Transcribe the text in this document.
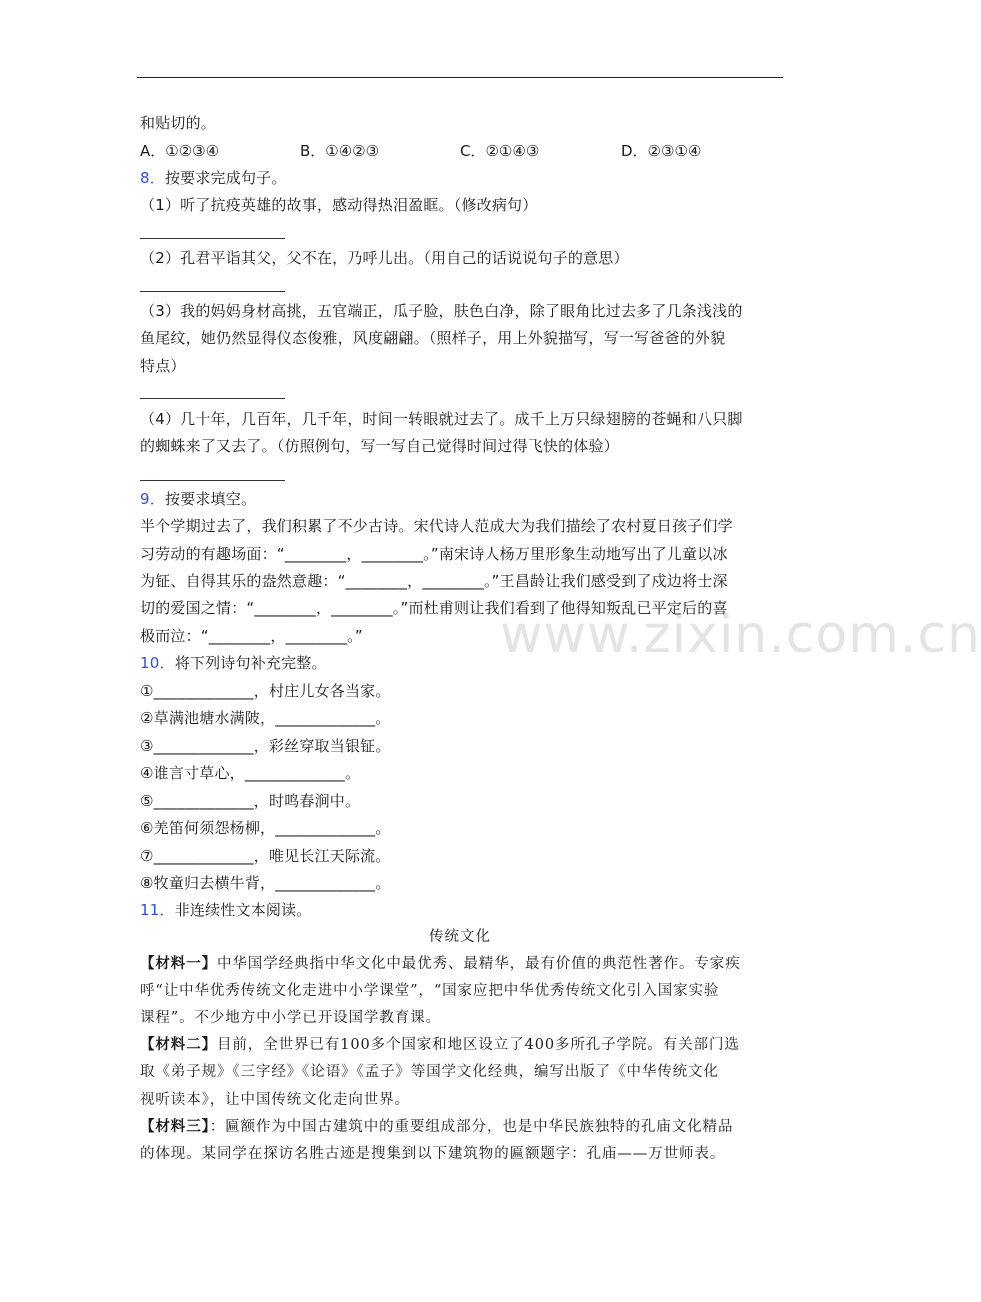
和贴切的。
A．①②③④	B．①④②③	C．②①④③	D．②③①④
8．按要求完成句子。
（1）听了抗疫英雄的故事，感动得热泪盈眶。（修改病句）
（2）孔君平诣其父，父不在，乃呼儿出。（用自己的话说说句子的意思）
（3）我的妈妈身材高挑，五官端正，瓜子脸，肤色白净，除了眼角比过去多了几条浅浅的
鱼尾纹，她仍然显得仪态俊雅，风度翩翩。（照样子，用上外貌描写，写一写爸爸的外貌
特点）
（4）几十年，几百年，几千年，时间一转眼就过去了。成千上万只绿翅膀的苍蝇和八只脚
的蜘蛛来了又去了。（仿照例句，写一写自己觉得时间过得飞快的体验）
9．按要求填空。
半个学期过去了，我们积累了不少古诗。宋代诗人范成大为我们描绘了农村夏日孩子们学
习劳动的有趣场面：“________，________。”南宋诗人杨万里形象生动地写出了儿童以冰
为钲、自得其乐的盎然意趣：“________，________。”王昌龄让我们感受到了戍边将士深
切的爱国之情：“________，________。”而杜甫则让我们看到了他得知叛乱已平定后的喜
极而泣：“________，________。”
10．将下列诗句补充完整。
①_____________，村庄儿女各当家。
②草满池塘水满陂，_____________。
③_____________，彩丝穿取当银钲。
④谁言寸草心，_____________。
⑤_____________，时鸣春涧中。
⑥羌笛何须怨杨柳，_____________。
⑦_____________，唯见长江天际流。
⑧牧童归去横牛背，_____________。
11．非连续性文本阅读。
传统文化
【材料一】中华国学经典指中华文化中最优秀、最精华，最有价值的典范性著作。专家疾
呼“让中华优秀传统文化走进中小学课堂”，“国家应把中华优秀传统文化引入国家实验
课程”。不少地方中小学已开设国学教育课。
【材料二】目前，全世界已有100多个国家和地区设立了400多所孔子学院。有关部门选
取《弟子规》《三字经》《论语》《孟子》等国学文化经典，编写出版了《中华传统文化
视听读本》，让中国传统文化走向世界。
【材料三】：匾额作为中国古建筑中的重要组成部分，也是中华民族独特的孔庙文化精品
的体现。某同学在探访名胜古迹是搜集到以下建筑物的匾额题字：孔庙——万世师表。
www.zixin.com.cn
